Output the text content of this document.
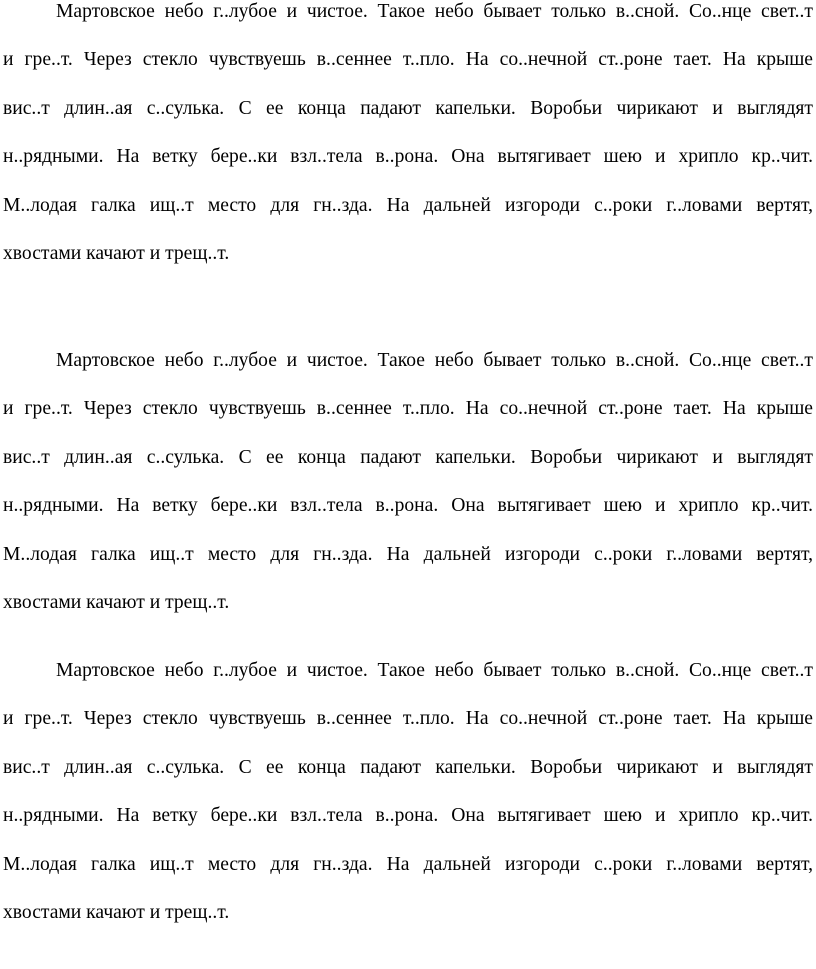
Мартовское небо г..лубое и чистое. Такое небо бывает только в..сной. Со..нце свет..т
и гре..т. Через стекло чувствуешь в..сеннее т..пло. На со..нечной ст..роне тает. На крыше
вис..т длин..ая с..сулька. С ее конца падают капельки. Воробьи чирикают и выглядят
н..рядными. На ветку бере..ки взл..тела в..рона. Она вытягивает шею и хрипло кр..чит.
М..лодая галка ищ..т место для гн..зда. На дальней изгороди с..роки г..ловами вертят,
хвостами качают и трещ..т.
Мартовское небо г..лубое и чистое. Такое небо бывает только в..сной. Со..нце свет..т
и гре..т. Через стекло чувствуешь в..сеннее т..пло. На со..нечной ст..роне тает. На крыше
вис..т длин..ая с..сулька. С ее конца падают капельки. Воробьи чирикают и выглядят
н..рядными. На ветку бере..ки взл..тела в..рона. Она вытягивает шею и хрипло кр..чит.
М..лодая галка ищ..т место для гн..зда. На дальней изгороди с..роки г..ловами вертят,
хвостами качают и трещ..т.
Мартовское небо г..лубое и чистое. Такое небо бывает только в..сной. Со..нце свет..т
и гре..т. Через стекло чувствуешь в..сеннее т..пло. На со..нечной ст..роне тает. На крыше
вис..т длин..ая с..сулька. С ее конца падают капельки. Воробьи чирикают и выглядят
н..рядными. На ветку бере..ки взл..тела в..рона. Она вытягивает шею и хрипло кр..чит.
М..лодая галка ищ..т место для гн..зда. На дальней изгороди с..роки г..ловами вертят,
хвостами качают и трещ..т.
